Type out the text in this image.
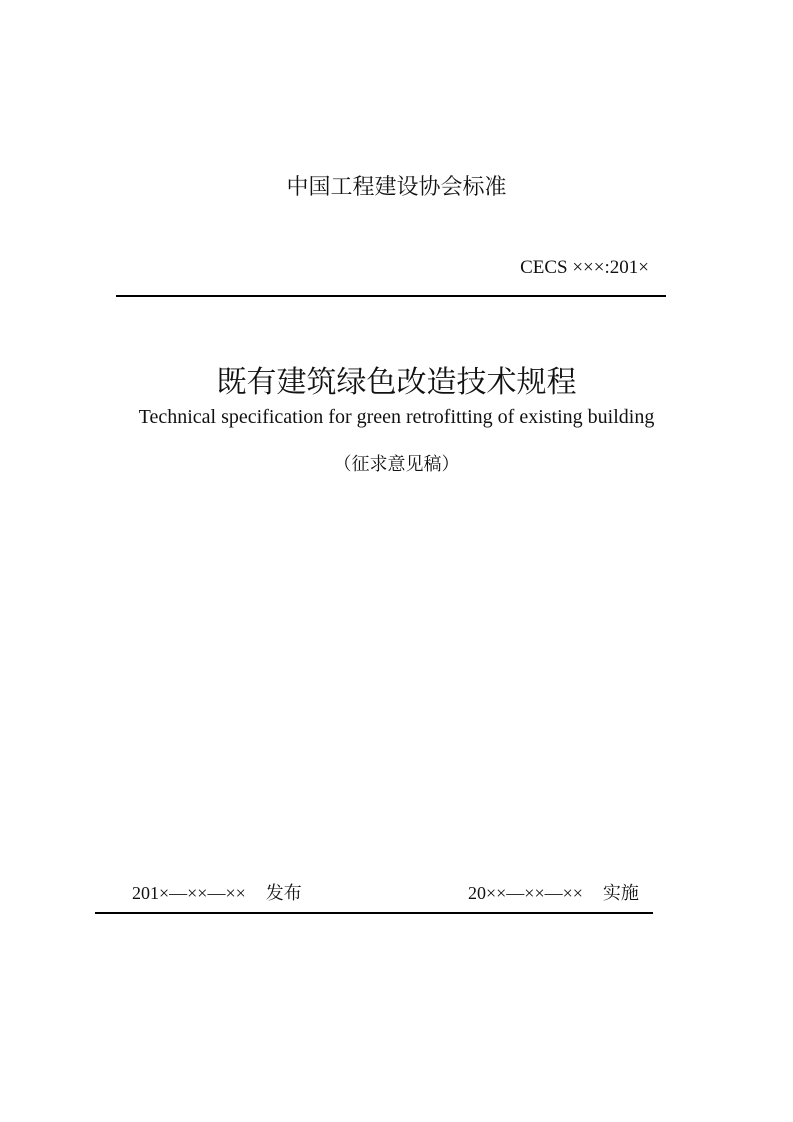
中国工程建设协会标准
CECS ×××:201×
既有建筑绿色改造技术规程
Technical specification for green retrofitting of existing building
（征求意见稿）
201×—××—×× 发布	20××—××—×× 实施
